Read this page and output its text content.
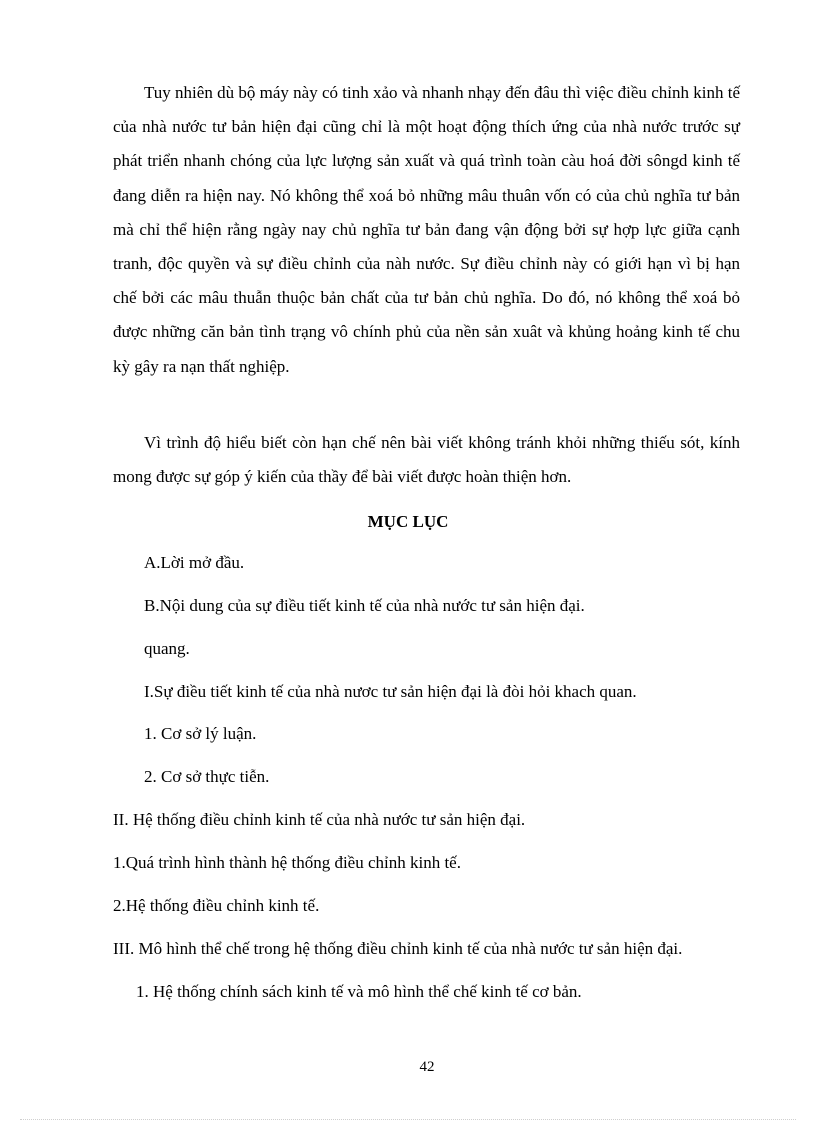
Tuy nhiên dù bộ máy này có tinh xảo và nhanh nhạy đến đâu thì việc điều chỉnh kinh tế của nhà nước tư bản hiện đại cũng chỉ là một hoạt động thích ứng của nhà nước trước sự phát triển nhanh chóng của lực lượng sản xuất và quá trình toàn càu hoá đời sôngd kinh tế đang diễn ra hiện nay. Nó không thể xoá bỏ những mâu thuân vốn có của chủ nghĩa tư bản mà chỉ thể hiện rằng ngày nay chủ nghĩa tư bản đang vận động bởi sự hợp lực giữa cạnh tranh, độc quyền và sự điều chỉnh của nàh nước. Sự điều chỉnh này có giới hạn vì bị hạn chế bởi các mâu thuẫn thuộc bản chất của tư bản chủ nghĩa. Do đó, nó không thể xoá bỏ được những căn bản tình trạng vô chính phủ của nền sản xuât và khủng hoảng kinh tế chu kỳ gây ra nạn thất nghiệp.

Vì trình độ hiểu biết còn hạn chế nên bài viết không tránh khỏi những thiếu sót, kính mong được sự góp ý kiến của thầy để bài viết được hoàn thiện hơn.

MỤC LỤC

A.Lời mở đầu.

B.Nội dung của sự điều tiết kinh tế của nhà nước tư sản hiện đại.

quang.

I.Sự điều tiết kinh tế của nhà nươc tư sản hiện đại là đòi hỏi khach quan.

1. Cơ sở lý luận.

2. Cơ sở thực tiễn.

II. Hệ thống điều chỉnh kinh tế của nhà nước tư sản hiện đại.

1.Quá trình hình thành hệ thống điều chỉnh kinh tế.

2.Hệ thống điều chỉnh kinh tế.

III. Mô hình thể chế trong hệ thống điều chỉnh kinh tế của nhà nước tư sản hiện đại.

1. Hệ thống chính sách kinh tế và mô hình thể chế kinh tế cơ bản.

42
